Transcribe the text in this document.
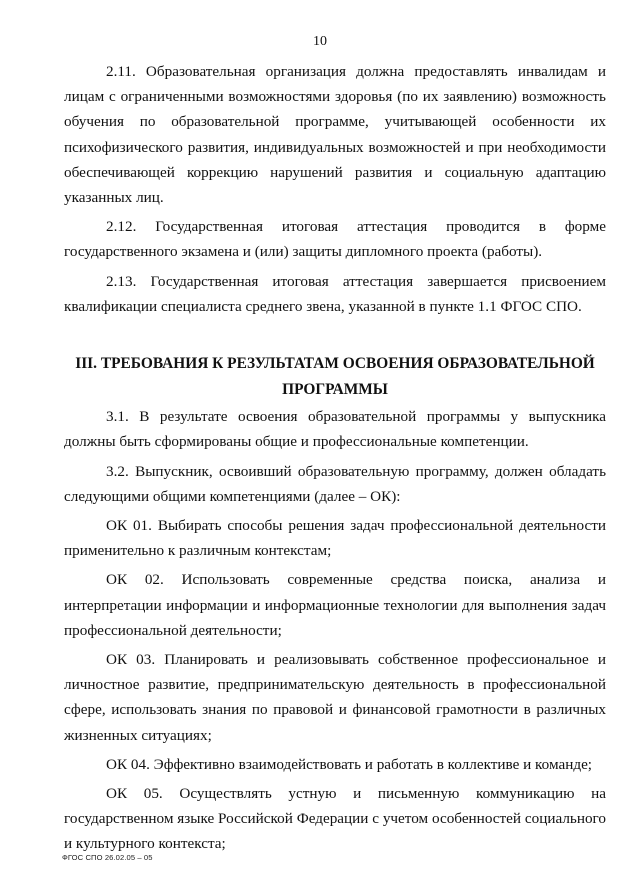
10

2.11. Образовательная организация должна предоставлять инвалидам и лицам с ограниченными возможностями здоровья (по их заявлению) возможность обучения по образовательной программе, учитывающей особенности их психофизического развития, индивидуальных возможностей и при необходимости обеспечивающей коррекцию нарушений развития и социальную адаптацию указанных лиц.

2.12. Государственная итоговая аттестация проводится в форме государственного экзамена и (или) защиты дипломного проекта (работы).

2.13. Государственная итоговая аттестация завершается присвоением квалификации специалиста среднего звена, указанной в пункте 1.1 ФГОС СПО.

III. ТРЕБОВАНИЯ К РЕЗУЛЬТАТАМ ОСВОЕНИЯ ОБРАЗОВАТЕЛЬНОЙ ПРОГРАММЫ

3.1. В результате освоения образовательной программы у выпускника должны быть сформированы общие и профессиональные компетенции.

3.2. Выпускник, освоивший образовательную программу, должен обладать следующими общими компетенциями (далее – ОК):

ОК 01. Выбирать способы решения задач профессиональной деятельности применительно к различным контекстам;

ОК 02. Использовать современные средства поиска, анализа и интерпретации информации и информационные технологии для выполнения задач профессиональной деятельности;

ОК 03. Планировать и реализовывать собственное профессиональное и личностное развитие, предпринимательскую деятельность в профессиональной сфере, использовать знания по правовой и финансовой грамотности в различных жизненных ситуациях;

ОК 04. Эффективно взаимодействовать и работать в коллективе и команде;

ОК 05. Осуществлять устную и письменную коммуникацию на государственном языке Российской Федерации с учетом особенностей социального и культурного контекста;

ФГОС СПО 26.02.05 – 05
